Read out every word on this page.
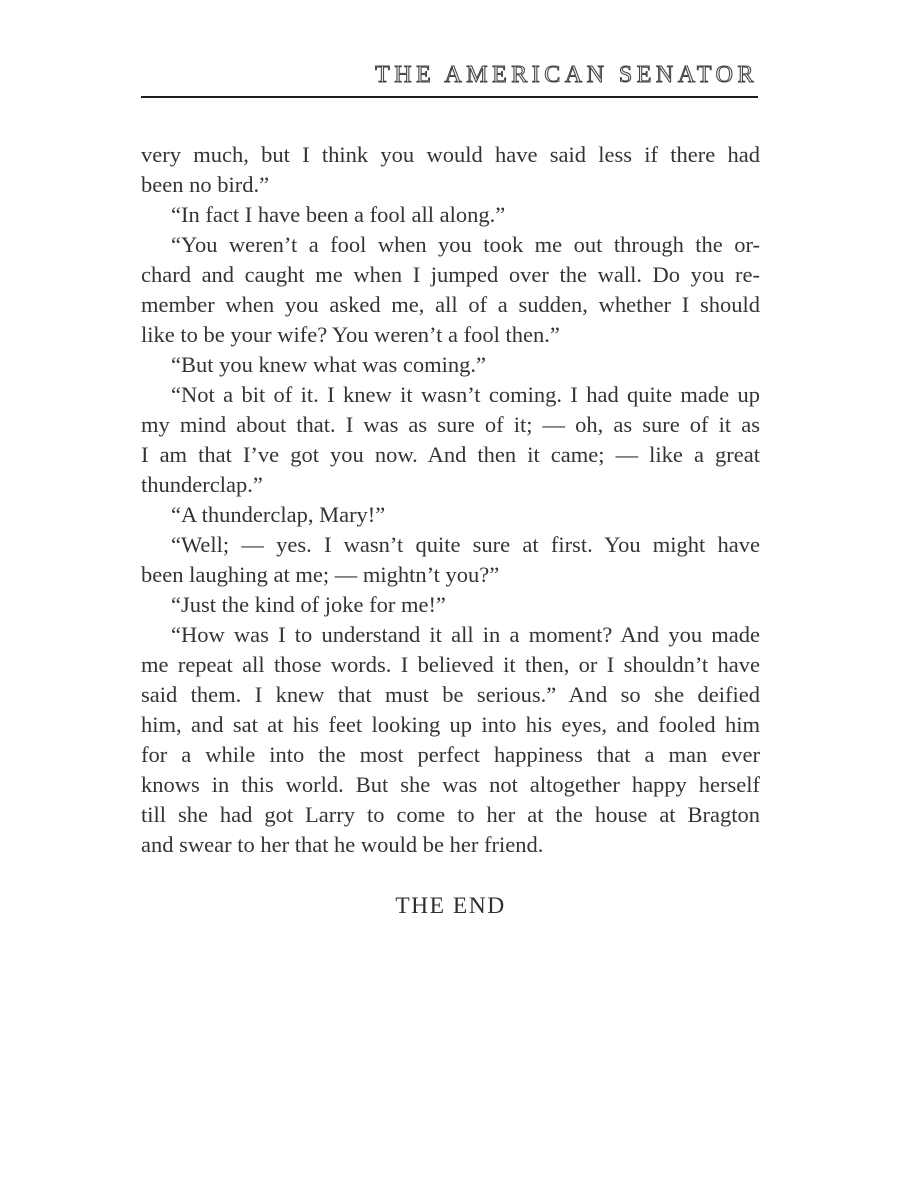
THE AMERICAN SENATOR
very much, but I think you would have said less if there had
been no bird.”
“In fact I have been a fool all along.”
“You weren’t a fool when you took me out through the or-
chard and caught me when I jumped over the wall. Do you re-
member when you asked me, all of a sudden, whether I should
like to be your wife? You weren’t a fool then.”
“But you knew what was coming.”
“Not a bit of it. I knew it wasn’t coming. I had quite made up
my mind about that. I was as sure of it; — oh, as sure of it as
I am that I’ve got you now. And then it came; — like a great
thunderclap.”
“A thunderclap, Mary!”
“Well; — yes. I wasn’t quite sure at first. You might have
been laughing at me; — mightn’t you?”
“Just the kind of joke for me!”
“How was I to understand it all in a moment? And you made
me repeat all those words. I believed it then, or I shouldn’t have
said them. I knew that must be serious.” And so she deified
him, and sat at his feet looking up into his eyes, and fooled him
for a while into the most perfect happiness that a man ever
knows in this world. But she was not altogether happy herself
till she had got Larry to come to her at the house at Bragton
and swear to her that he would be her friend.
THE END
